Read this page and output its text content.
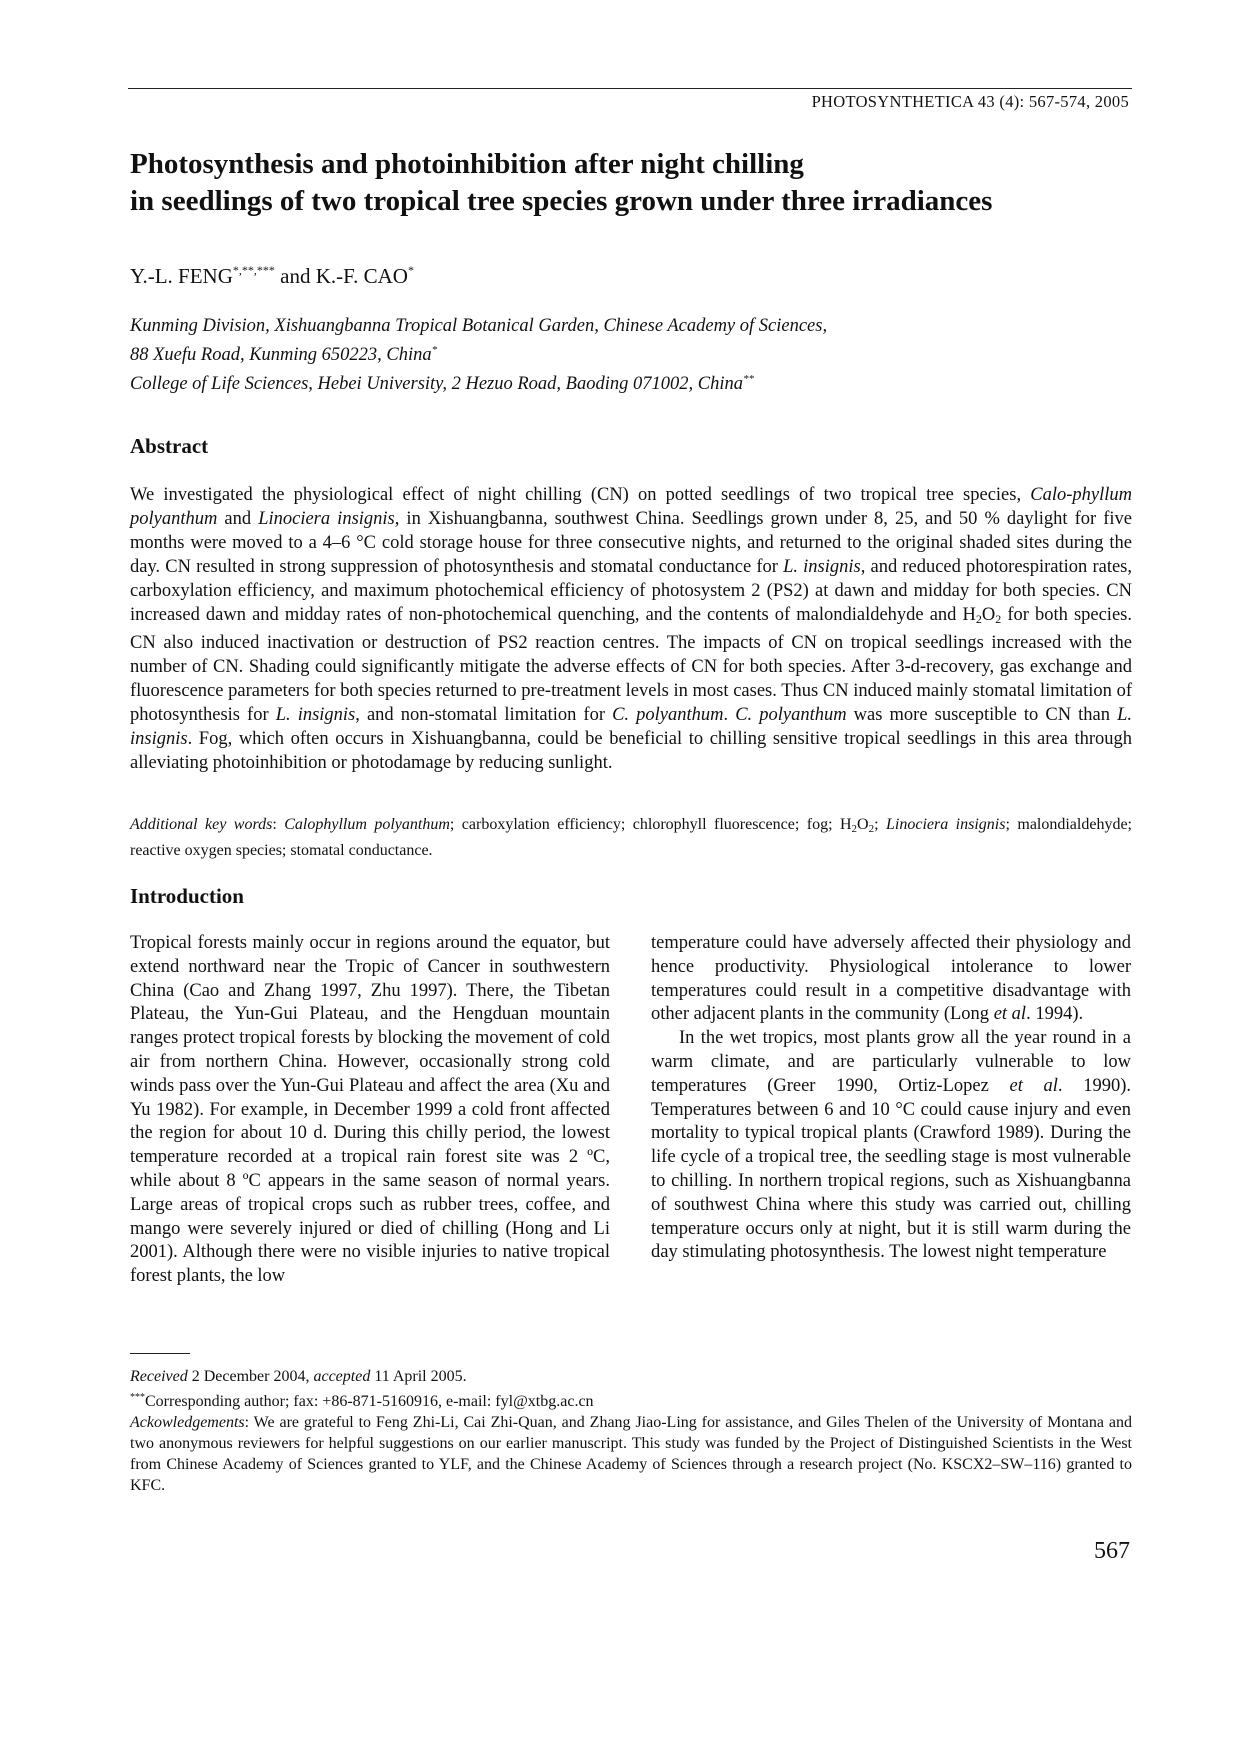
PHOTOSYNTHETICA 43 (4): 567-574, 2005
Photosynthesis and photoinhibition after night chilling
in seedlings of two tropical tree species grown under three irradiances
Y.-L. FENG*,**,*** and K.-F. CAO*
Kunming Division, Xishuangbanna Tropical Botanical Garden, Chinese Academy of Sciences,
88 Xuefu Road, Kunming 650223, China*
College of Life Sciences, Hebei University, 2 Hezuo Road, Baoding 071002, China**
Abstract

We investigated the physiological effect of night chilling (CN) on potted seedlings of two tropical tree species, Calo-phyllum polyanthum and Linociera insignis, in Xishuangbanna, southwest China. Seedlings grown under 8, 25, and 50 % daylight for five months were moved to a 4–6 °C cold storage house for three consecutive nights, and returned to the original shaded sites during the day. CN resulted in strong suppression of photosynthesis and stomatal conductance for L. insignis, and reduced photorespiration rates, carboxylation efficiency, and maximum photochemical efficiency of photosystem 2 (PS2) at dawn and midday for both species. CN increased dawn and midday rates of non-photochemical quenching, and the contents of malondialdehyde and $H_2O_2$ for both species. CN also induced inactivation or destruction of PS2 reaction centres. The impacts of CN on tropical seedlings increased with the number of CN. Shading could significantly mitigate the adverse effects of CN for both species. After 3-d-recovery, gas exchange and fluorescence parameters for both species returned to pre-treatment levels in most cases. Thus CN induced mainly stomatal limitation of photosynthesis for L. insignis, and non-stomatal limitation for C. polyanthum. C. polyanthum was more susceptible to CN than L. insignis. Fog, which often occurs in Xishuangbanna, could be beneficial to chilling sensitive tropical seedlings in this area through alleviating photoinhibition or photodamage by reducing sunlight.

Additional key words: Calophyllum polyanthum; carboxylation efficiency; chlorophyll fluorescence; fog; $H_2O_2$; Linociera insignis; malondialdehyde; reactive oxygen species; stomatal conductance.

Introduction

Tropical forests mainly occur in regions around the equator, but extend northward near the Tropic of Cancer in southwestern China (Cao and Zhang 1997, Zhu 1997). There, the Tibetan Plateau, the Yun-Gui Plateau, and the Hengduan mountain ranges protect tropical forests by blocking the movement of cold air from northern China. However, occasionally strong cold winds pass over the Yun-Gui Plateau and affect the area (Xu and Yu 1982). For example, in December 1999 a cold front affected the region for about 10 d. During this chilly period, the lowest temperature recorded at a tropical rain forest site was 2 ºC, while about 8 ºC appears in the same season of normal years. Large areas of tropical crops such as rubber trees, coffee, and mango were severely injured or died of chilling (Hong and Li 2001). Although there were no visible injuries to native tropical forest plants, the low

temperature could have adversely affected their physiology and hence productivity. Physiological intolerance to lower temperatures could result in a competitive disadvantage with other adjacent plants in the community (Long et al. 1994).

In the wet tropics, most plants grow all the year round in a warm climate, and are particularly vulnerable to low temperatures (Greer 1990, Ortiz-Lopez et al. 1990). Temperatures between 6 and 10 °C could cause injury and even mortality to typical tropical plants (Crawford 1989). During the life cycle of a tropical tree, the seedling stage is most vulnerable to chilling. In northern tropical regions, such as Xishuangbanna of southwest China where this study was carried out, chilling temperature occurs only at night, but it is still warm during the day stimulating photosynthesis. The lowest night temperature

Received 2 December 2004, accepted 11 April 2005.

***Corresponding author; fax: +86-871-5160916, e-mail: fyl@xtbg.ac.cn

Ackowledgements: We are grateful to Feng Zhi-Li, Cai Zhi-Quan, and Zhang Jiao-Ling for assistance, and Giles Thelen of the University of Montana and two anonymous reviewers for helpful suggestions on our earlier manuscript. This study was funded by the Project of Distinguished Scientists in the West from Chinese Academy of Sciences granted to YLF, and the Chinese Academy of Sciences through a research project (No. KSCX2–SW–116) granted to KFC.

567
